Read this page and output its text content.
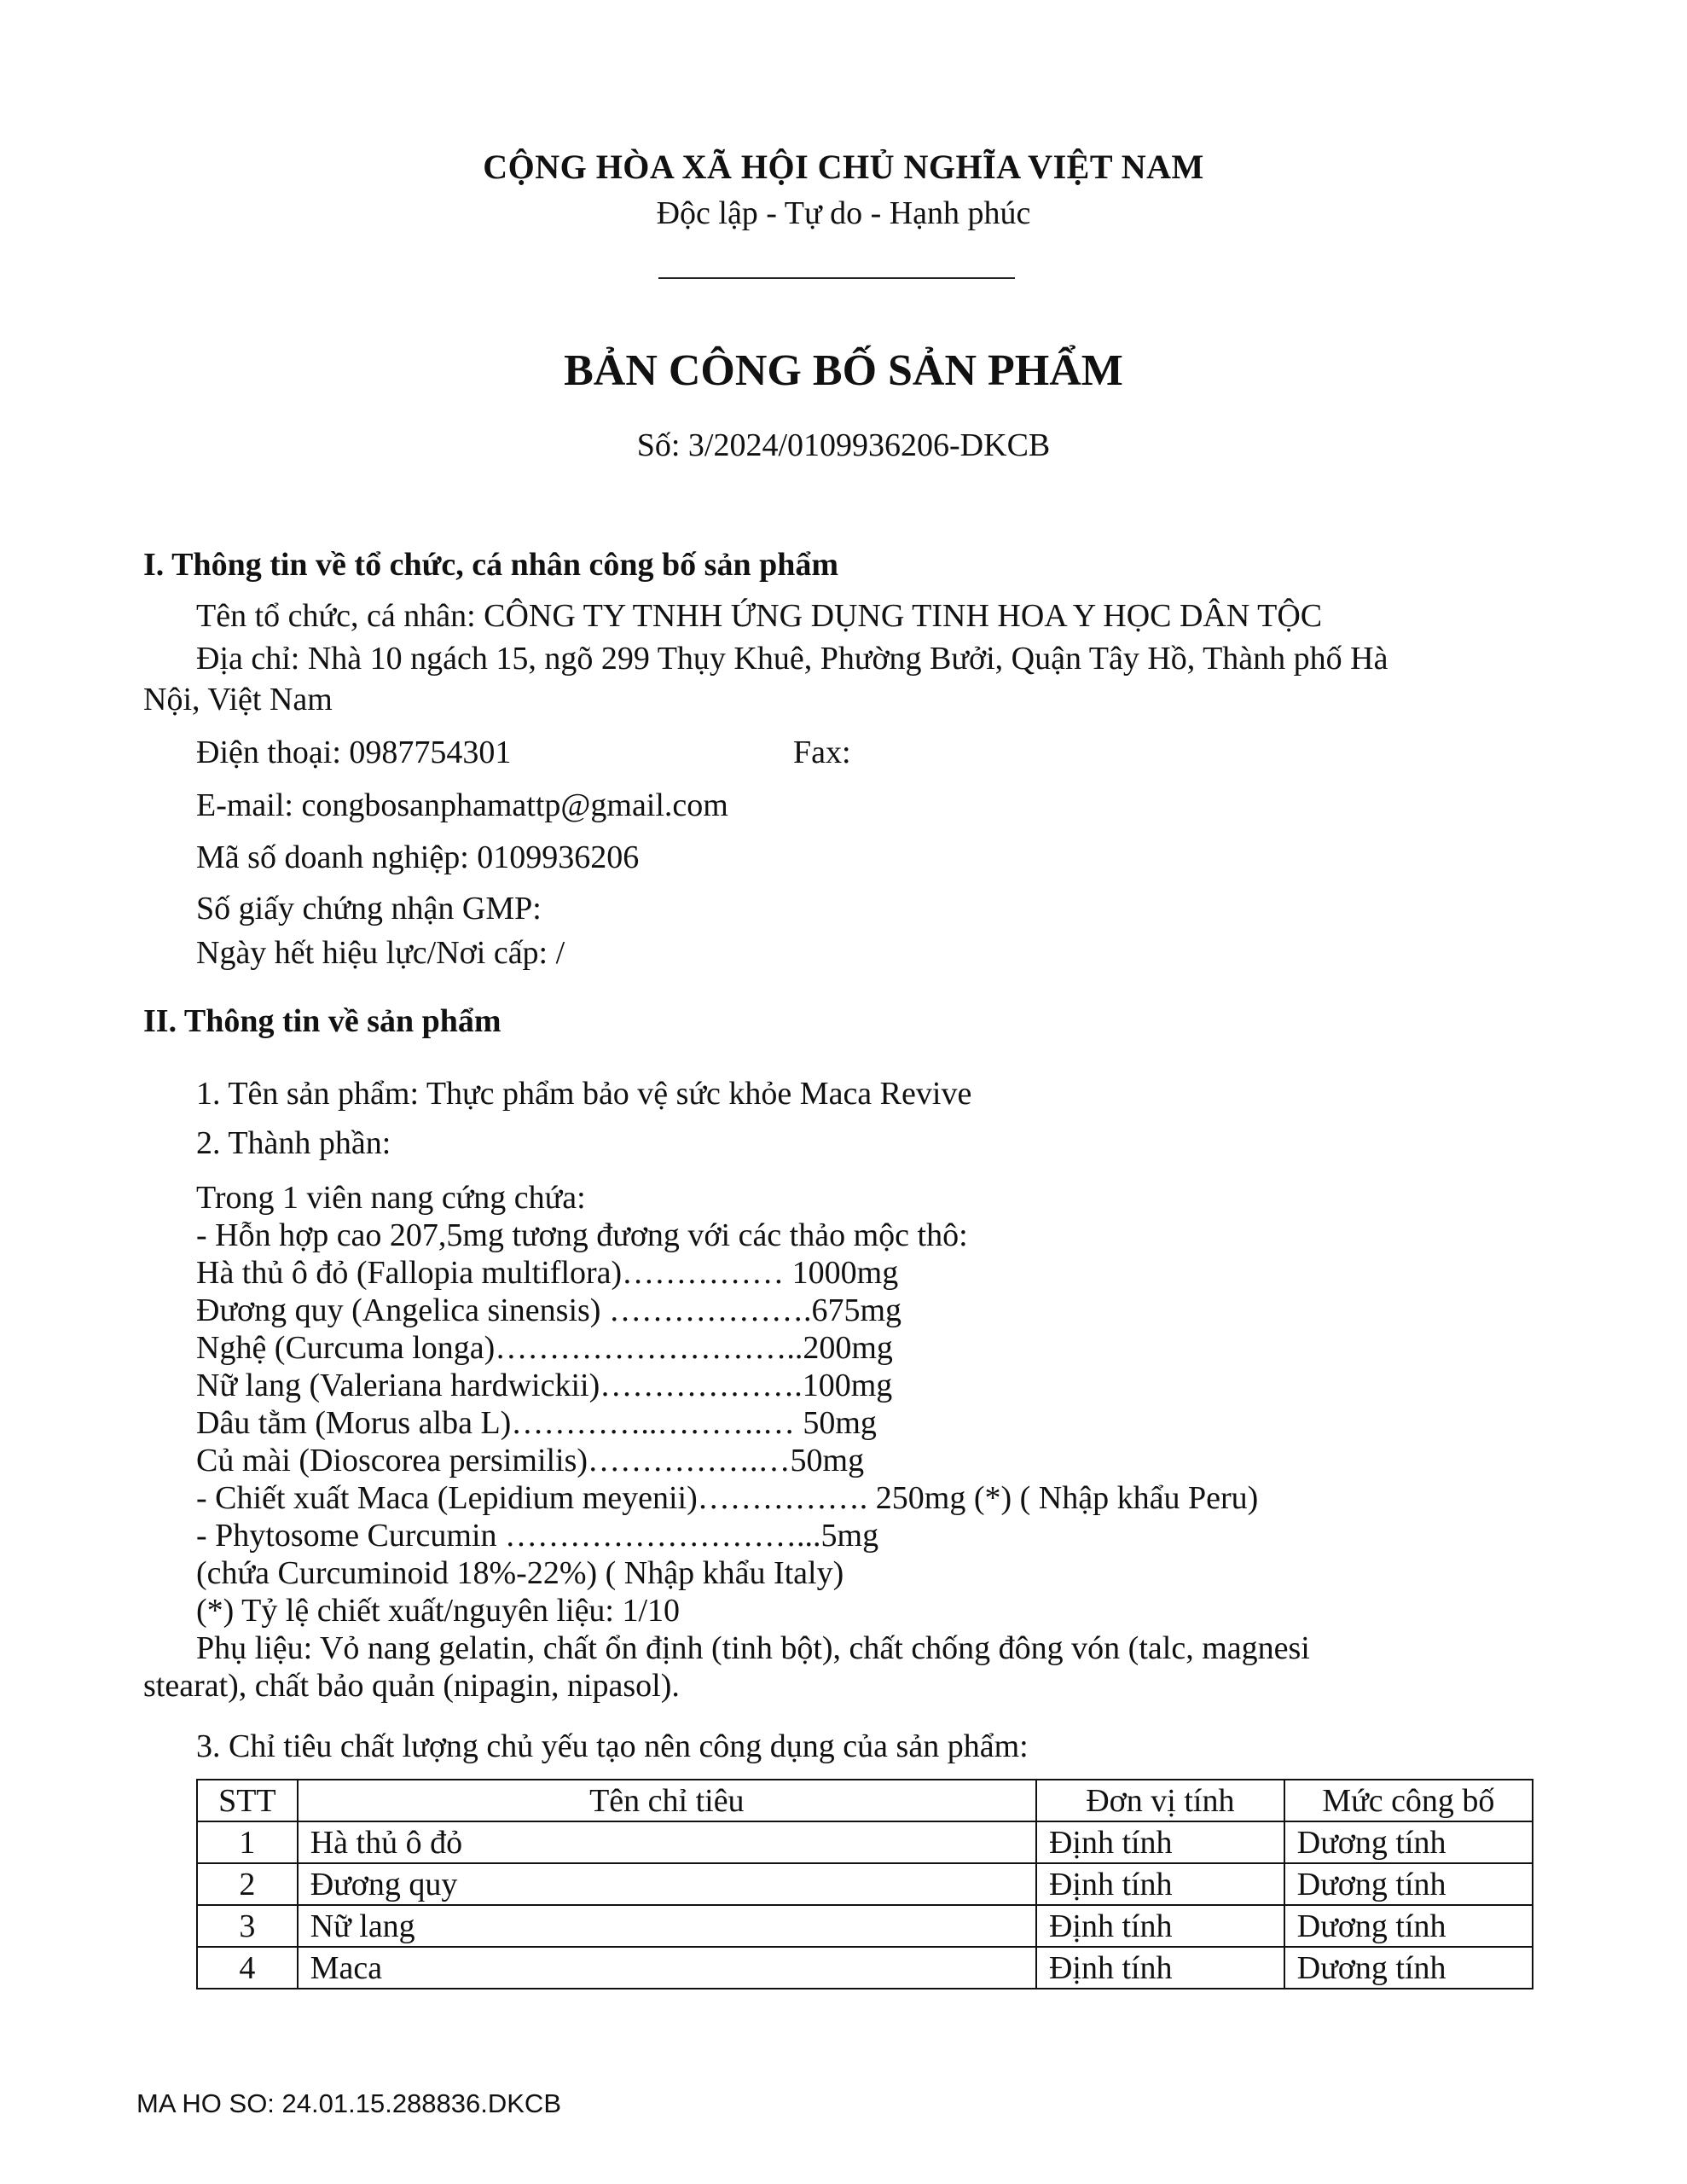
CỘNG HÒA XÃ HỘI CHỦ NGHĨA VIỆT NAM
Độc lập - Tự do - Hạnh phúc
BẢN CÔNG BỐ SẢN PHẨM
Số: 3/2024/0109936206-DKCB
I. Thông tin về tổ chức, cá nhân công bố sản phẩm
Tên tổ chức, cá nhân: CÔNG TY TNHH ỨNG DỤNG TINH HOA Y HỌC DÂN TỘC
Địa chỉ: Nhà 10 ngách 15, ngõ 299 Thụy Khuê, Phường Bưởi, Quận Tây Hồ, Thành phố Hà
Nội, Việt Nam
Điện thoại: 0987754301	Fax:
E-mail: congbosanphamattp@gmail.com
Mã số doanh nghiệp: 0109936206
Số giấy chứng nhận GMP:
Ngày hết hiệu lực/Nơi cấp: /
II. Thông tin về sản phẩm
1. Tên sản phẩm: Thực phẩm bảo vệ sức khỏe Maca Revive
2. Thành phần:
Trong 1 viên nang cứng chứa:
- Hỗn hợp cao 207,5mg tương đương với các thảo mộc thô:
Hà thủ ô đỏ (Fallopia multiflora)…………… 1000mg
Đương quy (Angelica sinensis) ……………….675mg
Nghệ (Curcuma longa)………………………..200mg
Nữ lang (Valeriana hardwickii)……………….100mg
Dâu tằm (Morus alba L)…………..……….… 50mg
Củ mài (Dioscorea persimilis)…………….…50mg
- Chiết xuất Maca (Lepidium meyenii)……………. 250mg (*) ( Nhập khẩu Peru)
- Phytosome Curcumin ………………………...5mg
(chứa Curcuminoid 18%-22%) ( Nhập khẩu Italy)
(*) Tỷ lệ chiết xuất/nguyên liệu: 1/10
Phụ liệu: Vỏ nang gelatin, chất ổn định (tinh bột), chất chống đông vón (talc, magnesi
stearat), chất bảo quản (nipagin, nipasol).
3. Chỉ tiêu chất lượng chủ yếu tạo nên công dụng của sản phẩm:
STT	Tên chỉ tiêu	Đơn vị tính	Mức công bố
1	Hà thủ ô đỏ	Định tính	Dương tính
2	Đương quy	Định tính	Dương tính
3	Nữ lang	Định tính	Dương tính
4	Maca	Định tính	Dương tính
MA HO SO: 24.01.15.288836.DKCB
